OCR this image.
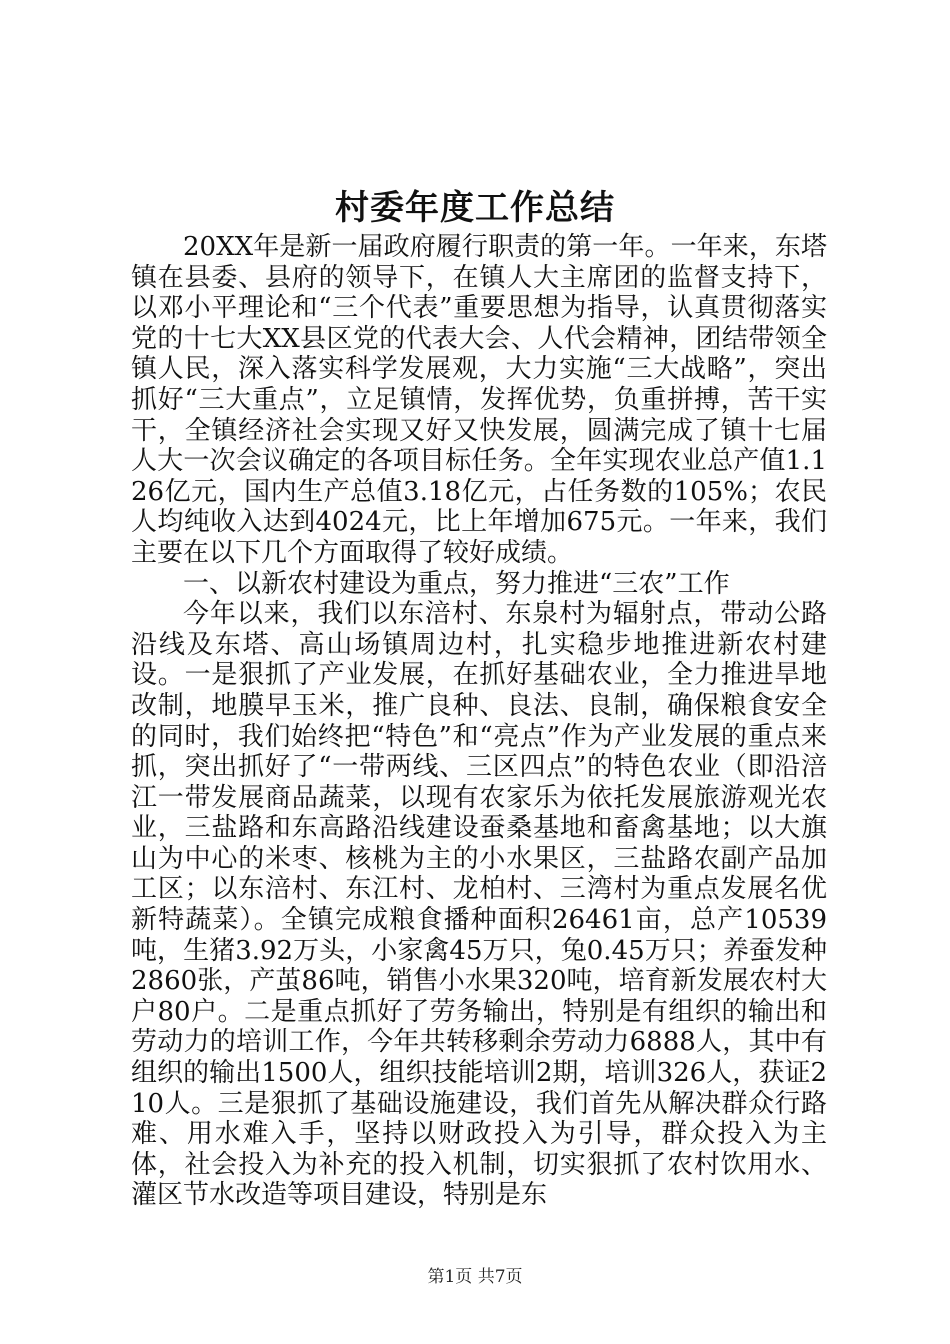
村委年度工作总结

20XX年是新一届政府履行职责的第一年。一年来，东塔镇在县委、县府的领导下，在镇人大主席团的监督支持下，以邓小平理论和“三个代表”重要思想为指导，认真贯彻落实党的十七大XX县区党的代表大会、人代会精神，团结带领全镇人民，深入落实科学发展观，大力实施“三大战略”，突出抓好“三大重点”，立足镇情，发挥优势，负重拼搏，苦干实干，全镇经济社会实现又好又快发展，圆满完成了镇十七届人大一次会议确定的各项目标任务。全年实现农业总产值1.126亿元，国内生产总值3.18亿元，占任务数的105%；农民人均纯收入达到4024元，比上年增加675元。一年来，我们主要在以下几个方面取得了较好成绩。

一、以新农村建设为重点，努力推进“三农”工作

今年以来，我们以东涪村、东泉村为辐射点，带动公路沿线及东塔、高山场镇周边村，扎实稳步地推进新农村建设。一是狠抓了产业发展，在抓好基础农业，全力推进旱地改制，地膜早玉米，推广良种、良法、良制，确保粮食安全的同时，我们始终把“特色”和“亮点”作为产业发展的重点来抓，突出抓好了“一带两线、三区四点”的特色农业（即沿涪江一带发展商品蔬菜，以现有农家乐为依托发展旅游观光农业，三盐路和东高路沿线建设蚕桑基地和畜禽基地；以大旗山为中心的米枣、核桃为主的小水果区，三盐路农副产品加工区；以东涪村、东江村、龙柏村、三湾村为重点发展名优新特蔬菜）。全镇完成粮食播种面积26461亩，总产10539吨，生猪3.92万头，小家禽45万只，兔0.45万只；养蚕发种2860张，产茧86吨，销售小水果320吨，培育新发展农村大户80户。二是重点抓好了劳务输出，特别是有组织的输出和劳动力的培训工作，今年共转移剩余劳动力6888人，其中有组织的输出1500人，组织技能培训2期，培训326人，获证210人。三是狠抓了基础设施建设，我们首先从解决群众行路难、用水难入手，坚持以财政投入为引导，群众投入为主体，社会投入为补充的投入机制，切实狠抓了农村饮用水、灌区节水改造等项目建设，特别是东

第1页 共7页
